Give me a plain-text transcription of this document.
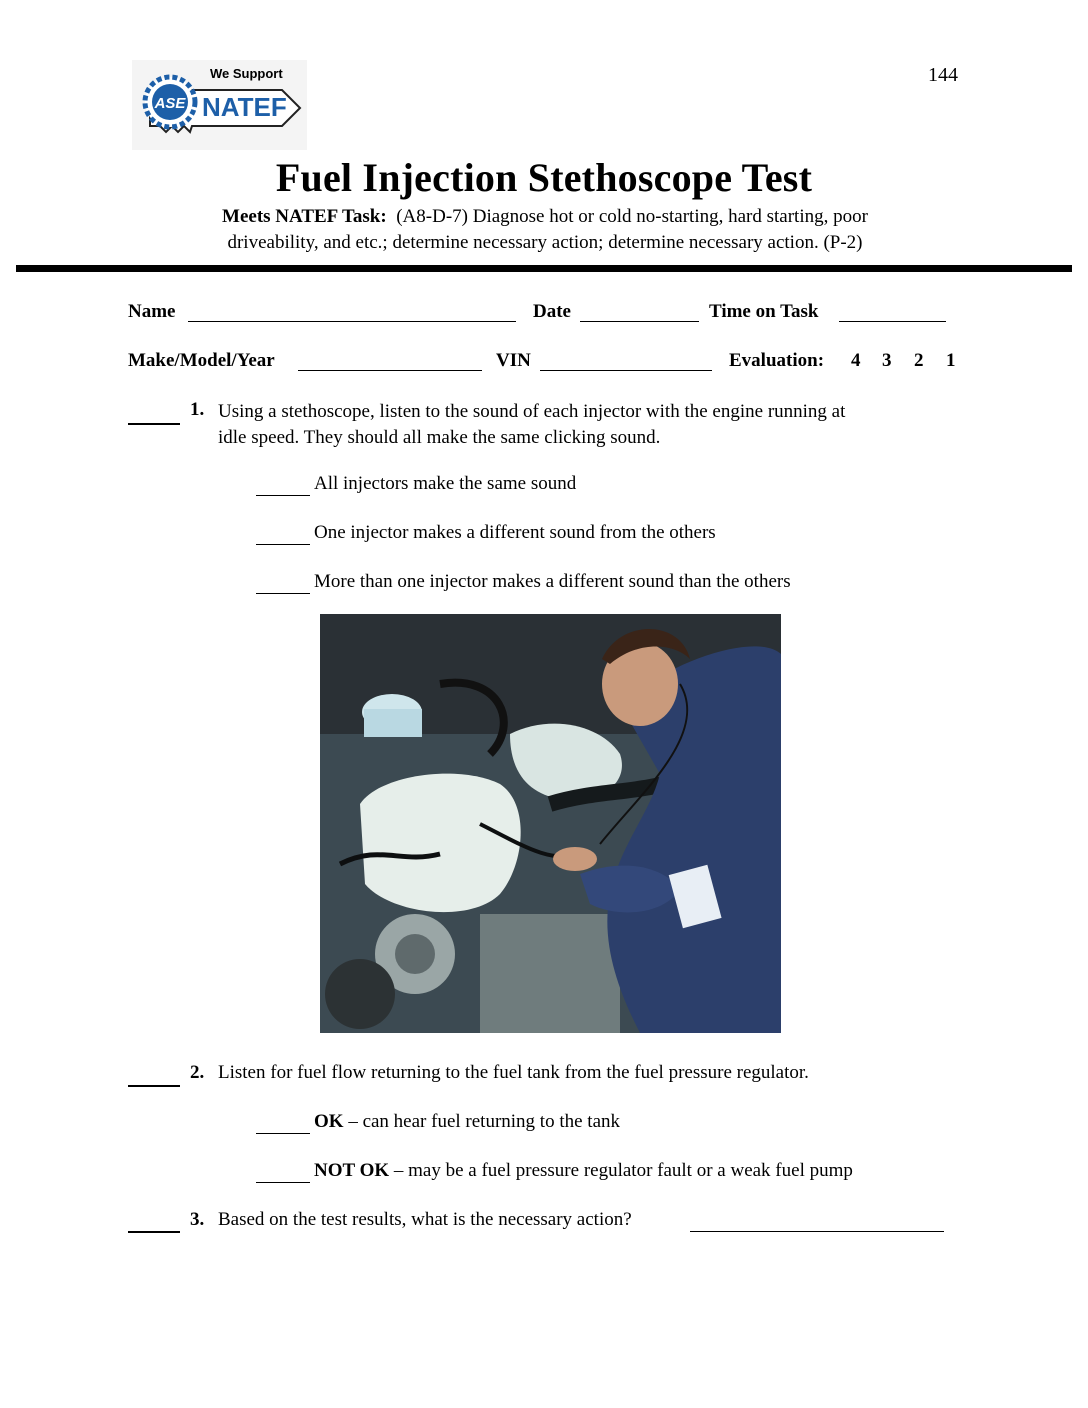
144
ASE
We Support
NATEF
Fuel Injection Stethoscope Test
Meets NATEF Task: (A8-D-7) Diagnose hot or cold no-starting, hard starting, poor
driveability, and etc.; determine necessary action; determine necessary action. (P-2)
Name	Date	Time on Task
Make/Model/Year	VIN	Evaluation: 4 3 2 1
1. Using a stethoscope, listen to the sound of each injector with the engine running at
idle speed. They should all make the same clicking sound.
All injectors make the same sound
One injector makes a different sound from the others
More than one injector makes a different sound than the others
2. Listen for fuel flow returning to the fuel tank from the fuel pressure regulator.
OK – can hear fuel returning to the tank
NOT OK – may be a fuel pressure regulator fault or a weak fuel pump
3. Based on the test results, what is the necessary action?
